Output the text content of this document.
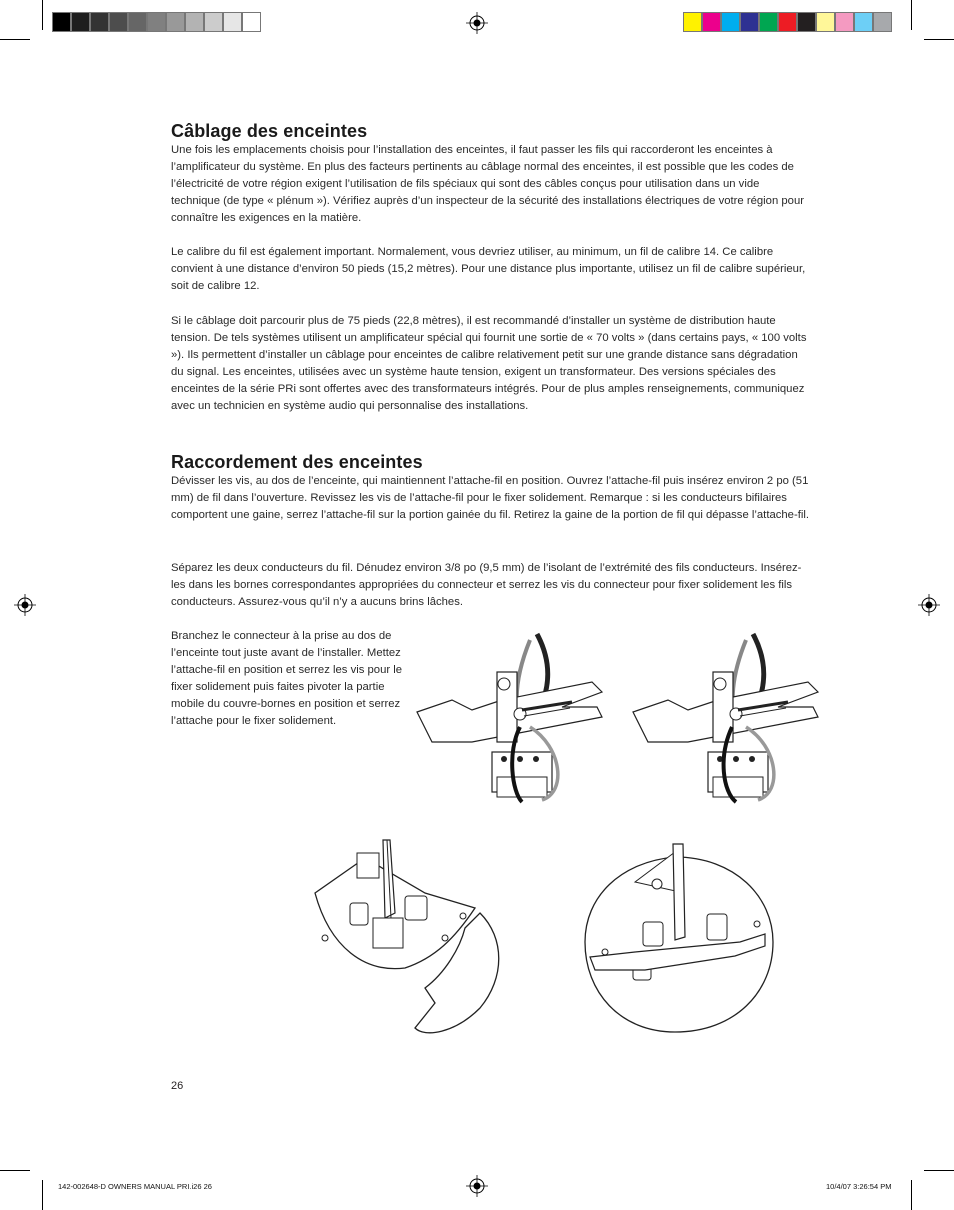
Câblage des enceintes

Une fois les emplacements choisis pour l’installation des enceintes, il faut passer les fils qui raccorderont les enceintes à l’amplificateur du système. En plus des facteurs pertinents au câblage normal des enceintes, il est possible que les codes de l’électricité de votre région exigent l’utilisation de fils spéciaux qui sont des câbles conçus pour utilisation dans un vide technique (de type « plénum »). Vérifiez auprès d’un inspecteur de la sécurité des installations électriques de votre région pour connaître les exigences en la matière.

Le calibre du fil est également important. Normalement, vous devriez utiliser, au minimum, un fil de calibre 14. Ce calibre convient à une distance d’environ 50 pieds (15,2 mètres). Pour une distance plus importante, utilisez un fil de calibre supérieur, soit de calibre 12.

Si le câblage doit parcourir plus de 75 pieds (22,8 mètres), il est recommandé d’installer un système de distribution haute tension. De tels systèmes utilisent un amplificateur spécial qui fournit une sortie de « 70 volts » (dans certains pays, « 100 volts »). Ils permettent d’installer un câblage pour enceintes de calibre relativement petit sur une grande distance sans dégradation du signal. Les enceintes, utilisées avec un système haute tension, exigent un transformateur. Des versions spéciales des enceintes de la série PRi sont offertes avec des transformateurs intégrés. Pour de plus amples renseignements, communiquez avec un technicien en système audio qui personnalise des installations.

Raccordement des enceintes

Dévisser les vis, au dos de l’enceinte, qui maintiennent l’attache-fil en position. Ouvrez l’attache-fil puis insérez environ 2 po (51 mm) de fil dans l’ouverture. Revissez les vis de l’attache-fil pour le fixer solidement. Remarque : si les conducteurs bifilaires comportent une gaine, serrez l’attache-fil sur la portion gainée du fil. Retirez la gaine de la portion de fil qui dépasse l’attache-fil.

Séparez les deux conducteurs du fil. Dénudez environ 3/8 po (9,5 mm) de l’isolant de l’extrémité des fils conducteurs. Insérez-les dans les bornes correspondantes appropriées du connecteur et serrez les vis du connecteur pour fixer solidement les fils conducteurs. Assurez-vous qu’il n’y a aucuns brins lâches.

Branchez le connecteur à la prise au dos de l’enceinte tout juste avant de l’installer. Mettez l’attache-fil en position et serrez les vis pour le fixer solidement puis faites pivoter la partie mobile du couvre-bornes en position et serrez l’attache pour le fixer solidement.

26
142-002648-D OWNERS MANUAL PRI.i26 26	10/4/07 3:26:54 PM
